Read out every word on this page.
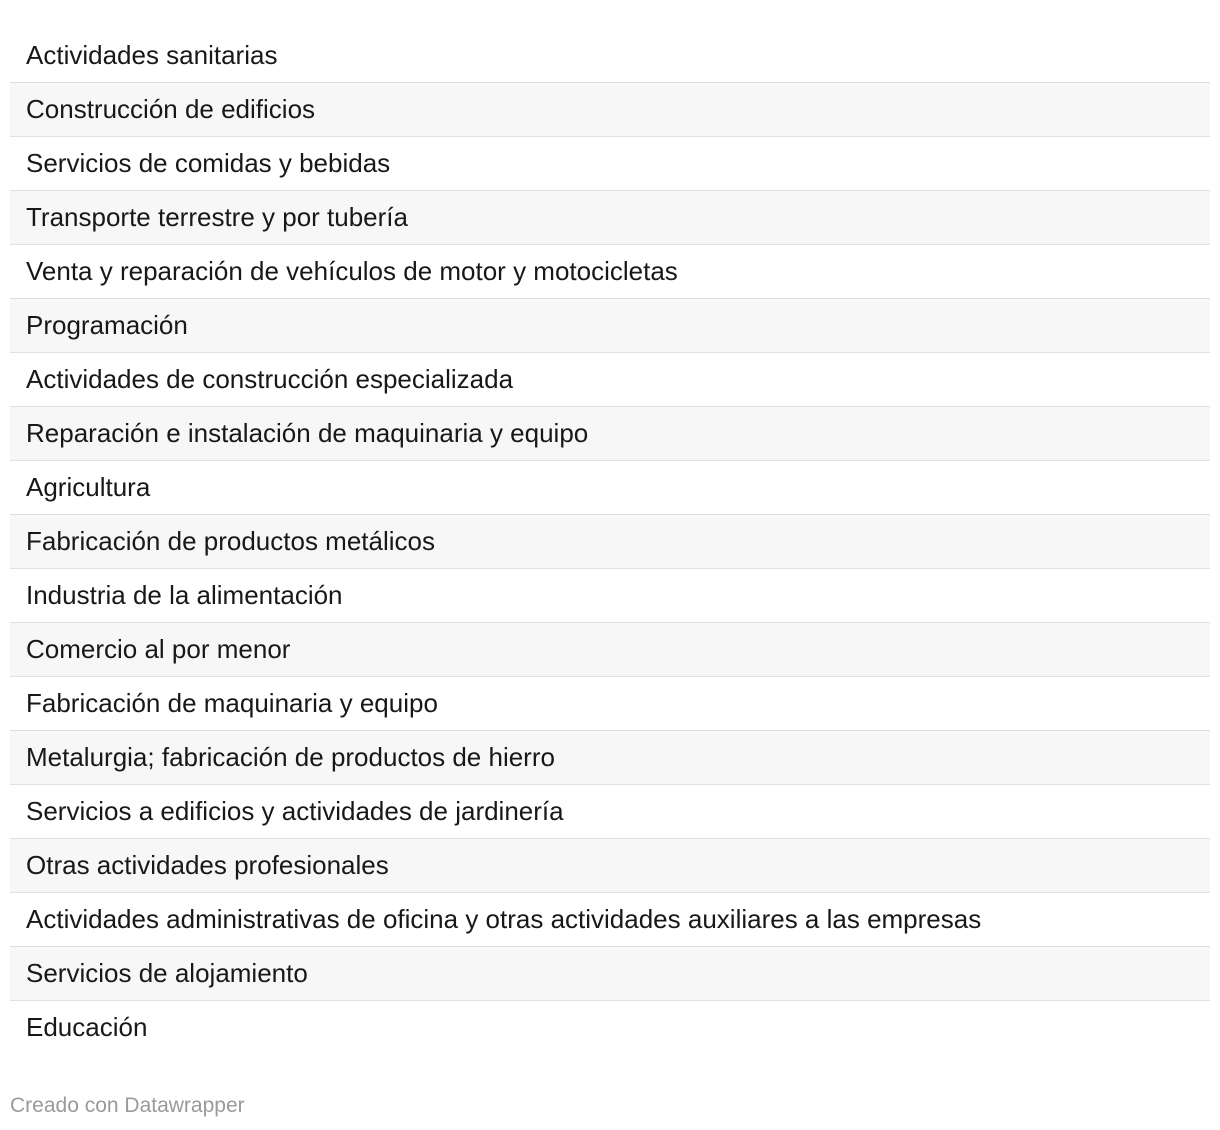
Actividades sanitarias
Construcción de edificios
Servicios de comidas y bebidas
Transporte terrestre y por tubería
Venta y reparación de vehículos de motor y motocicletas
Programación
Actividades de construcción especializada
Reparación e instalación de maquinaria y equipo
Agricultura
Fabricación de productos metálicos
Industria de la alimentación
Comercio al por menor
Fabricación de maquinaria y equipo
Metalurgia; fabricación de productos de hierro
Servicios a edificios y actividades de jardinería
Otras actividades profesionales
Actividades administrativas de oficina y otras actividades auxiliares a las empresas
Servicios de alojamiento
Educación
Creado con Datawrapper
